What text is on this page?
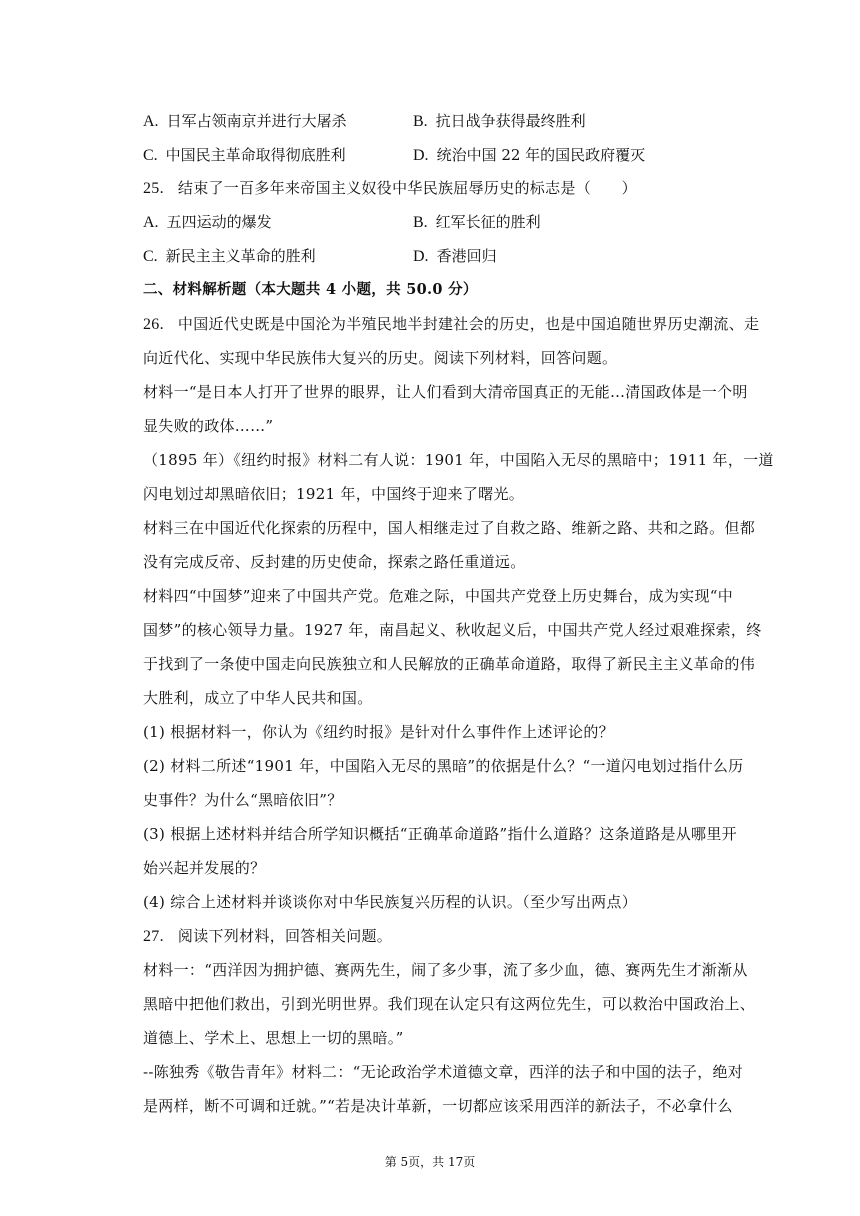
A. 日军占领南京并进行大屠杀	B. 抗日战争获得最终胜利
C. 中国民主革命取得彻底胜利	D. 统治中国 22 年的国民政府覆灭
25. 结束了一百多年来帝国主义奴役中华民族屈辱历史的标志是（　　）
A. 五四运动的爆发	B. 红军长征的胜利
C. 新民主主义革命的胜利	D. 香港回归
二、材料解析题（本大题共 4 小题，共 50.0 分）
26. 中国近代史既是中国沦为半殖民地半封建社会的历史，也是中国追随世界历史潮流、走
向近代化、实现中华民族伟大复兴的历史。阅读下列材料，回答问题。
材料一“是日本人打开了世界的眼界，让人们看到大清帝国真正的无能…清国政体是一个明
显失败的政体……”
（1895 年）《纽约时报》材料二有人说：1901 年，中国陷入无尽的黑暗中；1911 年，一道
闪电划过却黑暗依旧；1921 年，中国终于迎来了曙光。
材料三在中国近代化探索的历程中，国人相继走过了自救之路、维新之路、共和之路。但都
没有完成反帝、反封建的历史使命，探索之路任重道远。
材料四“中国梦”迎来了中国共产党。危难之际，中国共产党登上历史舞台，成为实现“中
国梦”的核心领导力量。1927 年，南昌起义、秋收起义后，中国共产党人经过艰难探索，终
于找到了一条使中国走向民族独立和人民解放的正确革命道路，取得了新民主主义革命的伟
大胜利，成立了中华人民共和国。
(1) 根据材料一，你认为《纽约时报》是针对什么事件作上述评论的？
(2) 材料二所述“1901 年，中国陷入无尽的黑暗”的依据是什么？“一道闪电划过指什么历
史事件？为什么“黑暗依旧”？
(3) 根据上述材料并结合所学知识概括“正确革命道路”指什么道路？这条道路是从哪里开
始兴起并发展的？
(4) 综合上述材料并谈谈你对中华民族复兴历程的认识。（至少写出两点）
27. 阅读下列材料，回答相关问题。
材料一：“西洋因为拥护德、赛两先生，闹了多少事，流了多少血，德、赛两先生才渐渐从
黑暗中把他们救出，引到光明世界。我们现在认定只有这两位先生，可以救治中国政治上、
道德上、学术上、思想上一切的黑暗。”
--陈独秀《敬告青年》材料二：“无论政治学术道德文章，西洋的法子和中国的法子，绝对
是两样，断不可调和迁就。”“若是决计革新，一切都应该采用西洋的新法子，不必拿什么
第 5页，共 17页
